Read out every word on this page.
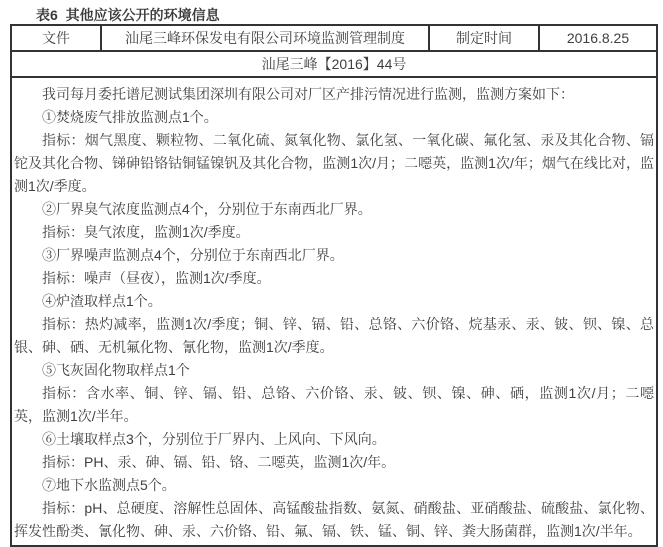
表6  其他应该公开的环境信息
文件	汕尾三峰环保发电有限公司环境监测管理制度	制定时间	2016.8.25
汕尾三峰【2016】44号

我司每月委托谱尼测试集团深圳有限公司对厂区产排污情况进行监测，监测方案如下：

①焚烧废气排放监测点1个。

指标：烟气黑度、颗粒物、二氧化硫、氮氧化物、氯化氢、一氧化碳、氟化氢、汞及其化合物、镉铊及其化合物、锑砷铅铬钴铜锰镍钒及其化合物，监测1次/月；二噁英，监测1次/年；烟气在线比对，监测1次/季度。

②厂界臭气浓度监测点4个，分别位于东南西北厂界。

指标：臭气浓度，监测1次/季度。

③厂界噪声监测点4个，分别位于东南西北厂界。

指标：噪声（昼夜），监测1次/季度。

④炉渣取样点1个。

指标：热灼减率，监测1次/季度；铜、锌、镉、铅、总铬、六价铬、烷基汞、汞、铍、钡、镍、总银、砷、硒、无机氟化物、氰化物，监测1次/季度。

⑤飞灰固化物取样点1个

指标：含水率、铜、锌、镉、铅、总铬、六价铬、汞、铍、钡、镍、砷、硒，监测1次/月；二噁英，监测1次/半年。

⑥土壤取样点3个，分别位于厂界内、上风向、下风向。

指标：PH、汞、砷、镉、铅、铬、二噁英，监测1次/年。

⑦地下水监测点5个。

指标：pH、总硬度、溶解性总固体、高锰酸盐指数、氨氮、硝酸盐、亚硝酸盐、硫酸盐、氯化物、挥发性酚类、氰化物、砷、汞、六价铬、铅、氟、镉、铁、锰、铜、锌、粪大肠菌群，监测1次/半年。
